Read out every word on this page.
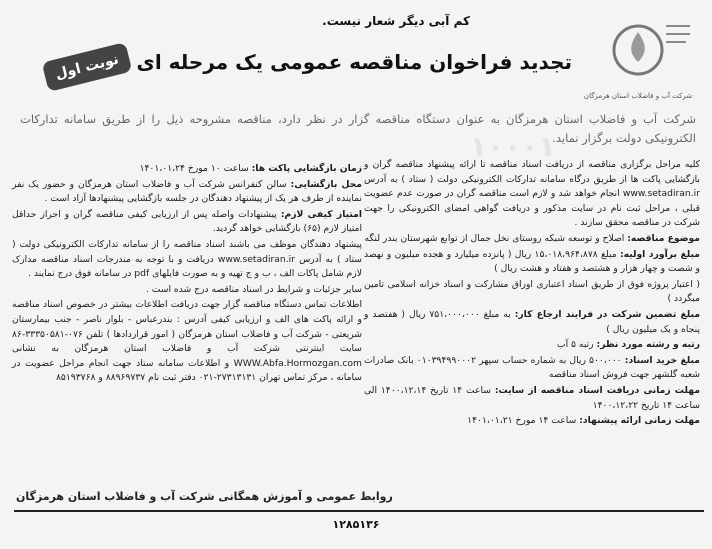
کم آبی دیگر شعار نیست.
شرکت آب و فاضلاب استان هرمزگان
تجدید فراخوان مناقصه عمومی یک مرحله ای
نوبت اول
۱۰۰۰۱
شرکت آب و فاضلاب استان هرمزگان به عنوان دستگاه مناقصه گزار در نظر دارد، مناقصه مشروحه ذیل را از طریق سامانه تدارکات الکترونیکی دولت برگزار نماید.

کلیه مراحل برگزاری مناقصه از دریافت اسناد مناقصه تا ارائه پیشنهاد مناقصه گران و بازگشایی پاکت ها از طریق درگاه سامانه تدارکات الکترونیکی دولت ( ستاد ) به آدرس www.setadiran.ir انجام خواهد شد و لازم است مناقصه گران در صورت عدم عضویت قبلی ، مراحل ثبت نام در سایت مذکور و دریافت گواهی امضای الکترونیکی را جهت شرکت در مناقصه محقق سازند .

موضوع مناقصه: اصلاح و توسعه شبکه روستای نخل جمال از توابع شهرستان بندر لنگه

مبلغ برآورد اولیه: مبلغ ۱۵،۰۱۸،۹۶۴،۸۷۸ ریال ( پانزده میلیارد و هجده میلیون و نهصد و شصت و چهار هزار و هشتصد و هفتاد و هشت ریال )

( اعتبار پروژه فوق از طریق اسناد اعتباری اوراق مشارکت و اسناد خزانه اسلامی تامین میگردد )

مبلغ تضمین شرکت در فرایند ارجاع کار: به مبلغ ۷۵۱،۰۰۰،۰۰۰ ریال ( هفتصد و پنجاه و یک میلیون ریال )

رتبه و رشته مورد نظر: رتبه ۵ آب

مبلغ خرید اسناد: ۵۰۰،۰۰۰ ریال به شماره حساب سپهر ۰۱۰۳۹۴۹۹۰۰۰۲ بانک صادرات شعبه گلشهر جهت فروش اسناد مناقصه

مهلت زمانی دریافت اسناد مناقصه از سایت: ساعت ۱۴ تاریخ ۱۴۰۰،۱۲،۱۴ الی ساعت ۱۴ تاریخ ۱۴۰۰،۱۲،۲۲

مهلت زمانی ارائه پیشنهاد: ساعت ۱۴ مورخ ۱۴۰۱،۰۱،۲۱

زمان بازگشایی پاکت ها: ساعت ۱۰ مورخ ۱۴۰۱،۰۱،۲۴

محل بازگشایی: سالن کنفرانس شرکت آب و فاضلاب استان هرمزگان و حضور یک نفر نماینده از طرف هر یک از پیشنهاد دهندگان در جلسه بازگشایی پیشنهادها آزاد است .

امتیاز کیفی لازم: پیشنهادات واصله پس از ارزیابی کیفی مناقصه گران و احراز حداقل امتیاز لازم (۶۵) بازگشایی خواهد گردید.

پیشنهاد دهندگان موظف می باشند اسناد مناقصه را از سامانه تدارکات الکترونیکی دولت ( ستاد ) به آدرس www.setadiran.ir دریافت و با توجه به مندرجات اسناد مناقصه مدارک لازم شامل پاکات الف ، ب و ج تهیه و به صورت فایلهای pdf در سامانه فوق درج نمایند .

سایر جزئیات و شرایط در اسناد مناقصه درج شده است .

اطلاعات تماس دستگاه مناقصه گزار جهت دریافت اطلاعات بیشتر در خصوص اسناد مناقصه و ارائه پاکت های الف و ارزیابی کیفی آدرس : بندرعباس - بلوار ناصر - جنب بیمارستان شریعتی - شرکت آب و فاضلاب استان هرمزگان ( امور قراردادها ) تلفن ۰۷۶-۳۳۳۵۰۵۸۱-۸۶ سایت اینترنتی شرکت آب و فاضلاب استان هرمزگان به نشانی WWW.Abfa.Hormozgan.com و اطلاعات سامانه ستاد جهت انجام مراحل عضویت در سامانه ، مرکز تماس تهران ۲۷۳۱۳۱۳۱-۰۲۱ دفتر ثبت نام ۸۸۹۶۹۷۳۷ و ۸۵۱۹۳۷۶۸

روابط عمومی و آموزش همگانی شرکت آب و فاضلاب استان هرمزگان
۱۲۸۵۱۳۶
